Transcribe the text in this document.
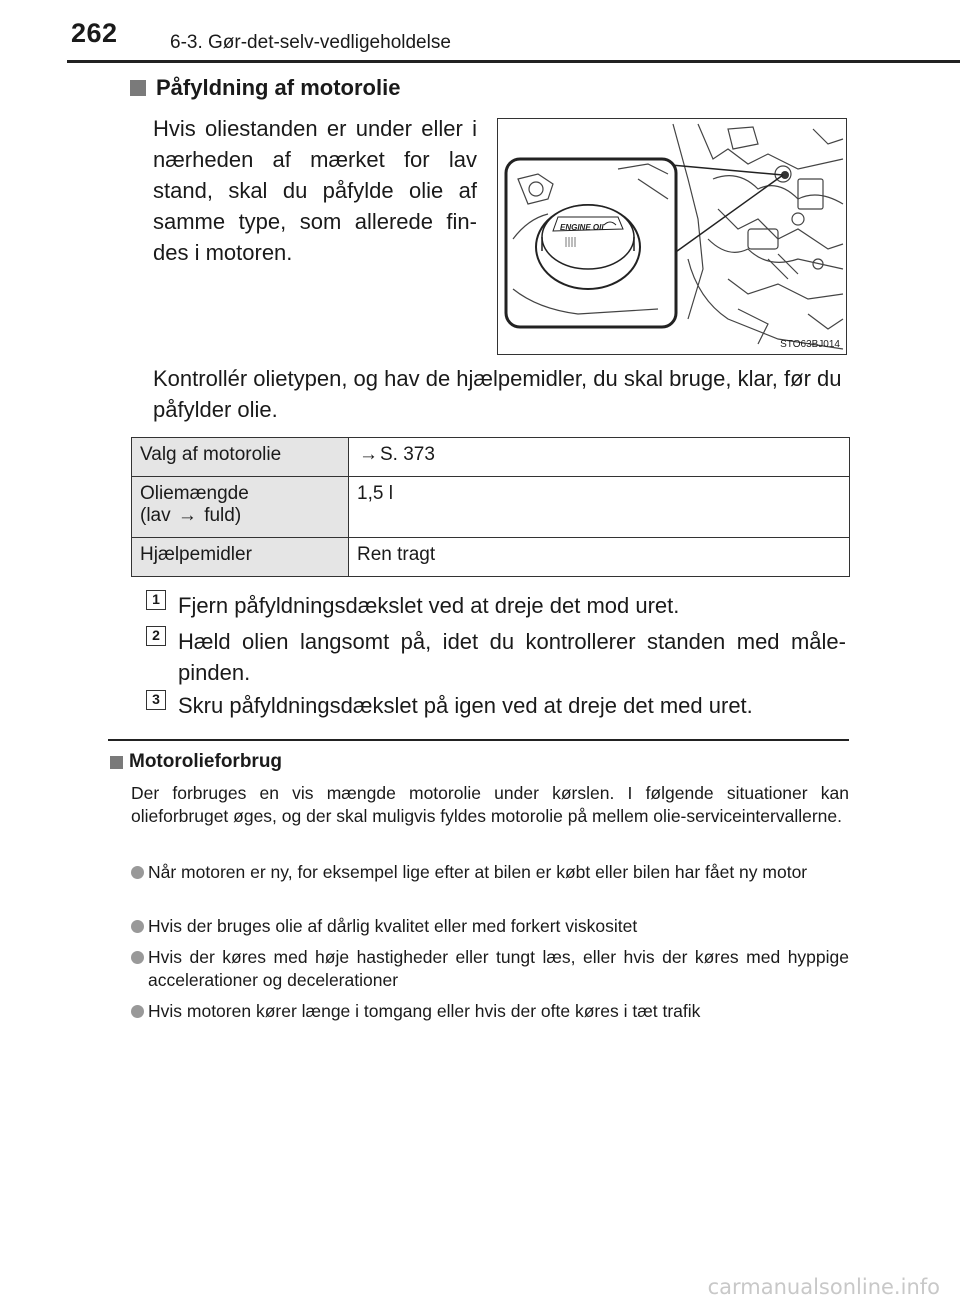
262	6-3. Gør-det-selv-vedligeholdelse
Påfyldning af motorolie
Hvis oliestanden er under eller i nærheden af mærket for lav stand, skal du påfylde olie af samme type, som allerede fin-des i motoren.
ENGINE OIL
STO63BJ014
Kontrollér olietypen, og hav de hjælpemidler, du skal bruge, klar, før du påfylder olie.
Valg af motorolie	→ S. 373
Oliemængde
(lav → fuld)	1,5 l
Hjælpemidler	Ren tragt
1 Fjern påfyldningsdækslet ved at dreje det mod uret.
2 Hæld olien langsomt på, idet du kontrollerer standen med måle-pinden.
3 Skru påfyldningsdækslet på igen ved at dreje det med uret.
Motorolieforbrug
Der forbruges en vis mængde motorolie under kørslen. I følgende situationer kan olieforbruget øges, og der skal muligvis fyldes motorolie på mellem olie-serviceintervallerne.
Når motoren er ny, for eksempel lige efter at bilen er købt eller bilen har fået ny motor
Hvis der bruges olie af dårlig kvalitet eller med forkert viskositet
Hvis der køres med høje hastigheder eller tungt læs, eller hvis der køres med hyppige accelerationer og decelerationer
Hvis motoren kører længe i tomgang eller hvis der ofte køres i tæt trafik
carmanualsonline.info
